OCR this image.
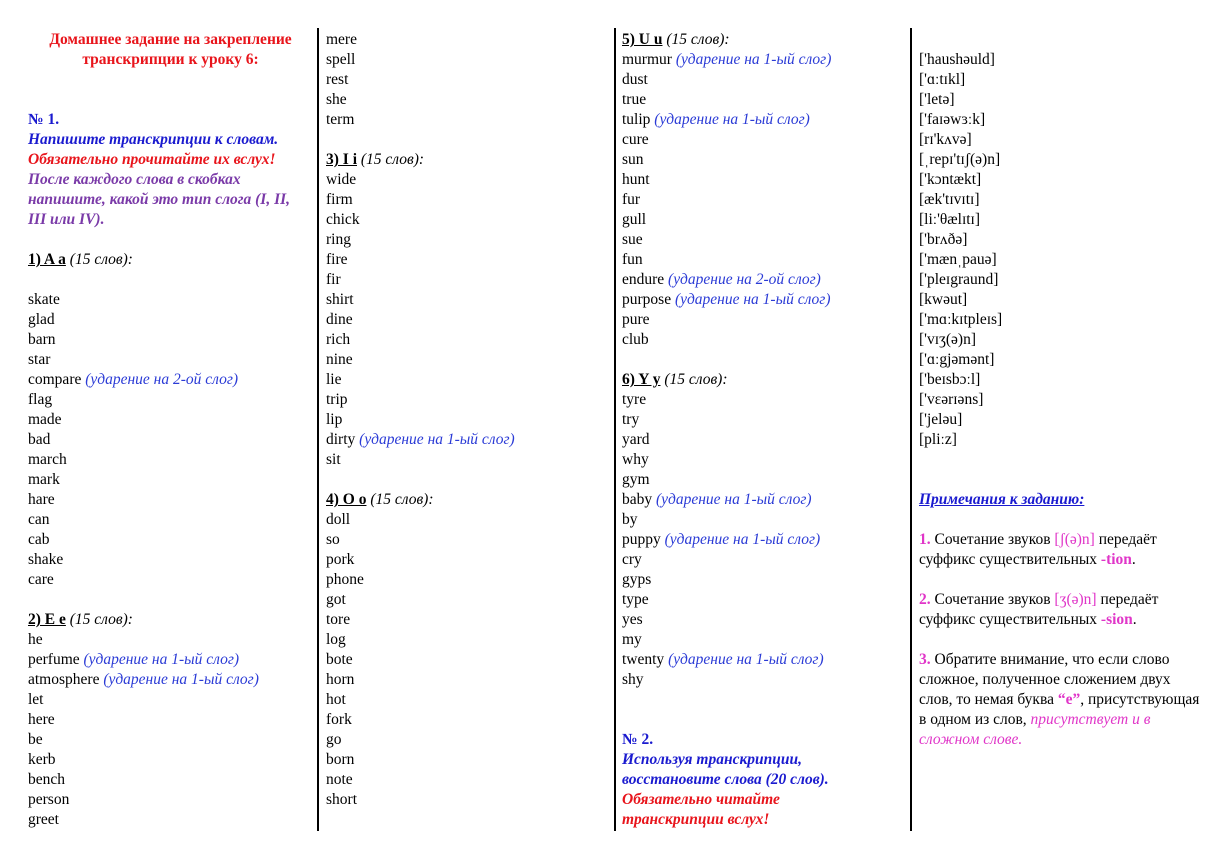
Домашнее задание на закрепление транскрипции к уроку 6:
№ 1.
Напишите транскрипции к словам.
Обязательно прочитайте их вслух!
После каждого слова в скобках напишите, какой это тип слога (I, II, III или IV).
1) A a (15 слов):
skate
glad
barn
star
compare (ударение на 2-ой слог)
flag
made
bad
march
mark
hare
can
cab
shake
care
2) E e (15 слов):
he
perfume (ударение на 1-ый слог)
atmosphere (ударение на 1-ый слог)
let
here
be
kerb
bench
person
greet
mere
spell
rest
she
term
3) I i (15 слов):
wide
firm
chick
ring
fire
fir
shirt
dine
rich
nine
lie
trip
lip
dirty (ударение на 1-ый слог)
sit
4) O o (15 слов):
doll
so
pork
phone
got
tore
log
bote
horn
hot
fork
go
born
note
short
5) U u (15 слов):
murmur (ударение на 1-ый слог)
dust
true
tulip (ударение на 1-ый слог)
cure
sun
hunt
fur
gull
sue
fun
endure (ударение на 2-ой слог)
purpose (ударение на 1-ый слог)
pure
club
6) Y y (15 слов):
tyre
try
yard
why
gym
baby (ударение на 1-ый слог)
by
puppy (ударение на 1-ый слог)
cry
gyps
type
yes
my
twenty (ударение на 1-ый слог)
shy
№ 2.
Используя транскрипции, восстановите слова (20 слов).
Обязательно читайте транскрипции вслух!
['haushəuld]
['ɑːtɪkl]
['letə]
['faɪəwɜːk]
[rɪ'kʌvə]
[ˌrepɪ'tɪʃ(ə)n]
['kɔntækt]
[æk'tɪvɪtɪ]
[liː'θælɪtɪ]
['brʌðə]
['mænˌpauə]
['pleɪgraund]
[kwəut]
['mɑːkɪtpleɪs]
['vɪʒ(ə)n]
['ɑːgjəmənt]
['beɪsbɔːl]
['vɛərɪəns]
['jeləu]
[pliːz]
Примечания к заданию:
1. Сочетание звуков [ʃ(ə)n] передаёт суффикс существительных -tion.
2. Сочетание звуков [ʒ(ə)n] передаёт суффикс существительных -sion.
3. Обратите внимание, что если слово сложное, полученное сложением двух слов, то немая буква “е”, присутствующая в одном из слов, присутствует и в сложном слове.
